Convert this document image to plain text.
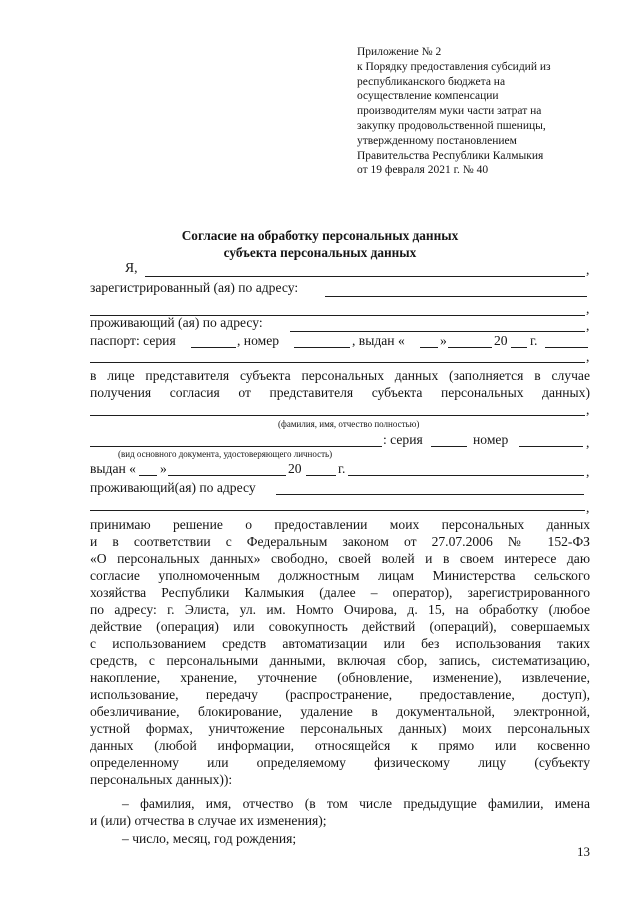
Приложение № 2
к Порядку предоставления субсидий из
республиканского бюджета на
осуществление компенсации
производителям муки части затрат на
закупку продовольственной пшеницы,
утвержденному постановлением
Правительства Республики Калмыкия
от 19 февраля 2021 г. № 40
Согласие на обработку персональных данных
субъекта персональных данных
Я,	,
зарегистрированный (ая) по адресу:
,
проживающий (ая) по адресу:	,
паспорт: серия	, номер	, выдан «	»	20 г.
,
в лице представителя субъекта персональных данных (заполняется в случае
получения согласия от представителя субъекта персональных данных)
,
(фамилия, имя, отчество полностью)
: серия	номер	,
(вид основного документа, удостоверяющего личность)
выдан « »	20	г.	,
проживающий(ая) по адресу
,
принимаю решение о предоставлении моих персональных данных
и в соответствии с Федеральным законом от 27.07.2006 № 152-ФЗ
«О персональных данных» свободно, своей волей и в своем интересе даю
согласие уполномоченным должностным лицам Министерства сельского
хозяйства Республики Калмыкия (далее – оператор), зарегистрированного
по адресу: г. Элиста, ул. им. Номто Очирова, д. 15, на обработку (любое
действие (операция) или совокупность действий (операций), совершаемых
с использованием средств автоматизации или без использования таких
средств, с персональными данными, включая сбор, запись, систематизацию,
накопление, хранение, уточнение (обновление, изменение), извлечение,
использование, передачу (распространение, предоставление, доступ),
обезличивание, блокирование, удаление в документальной, электронной,
устной формах, уничтожение персональных данных) моих персональных
данных (любой информации, относящейся к прямо или косвенно
определенному или определяемому физическому лицу (субъекту
персональных данных)):
– фамилия, имя, отчество (в том числе предыдущие фамилии, имена
и (или) отчества в случае их изменения);
– число, месяц, год рождения;
13
